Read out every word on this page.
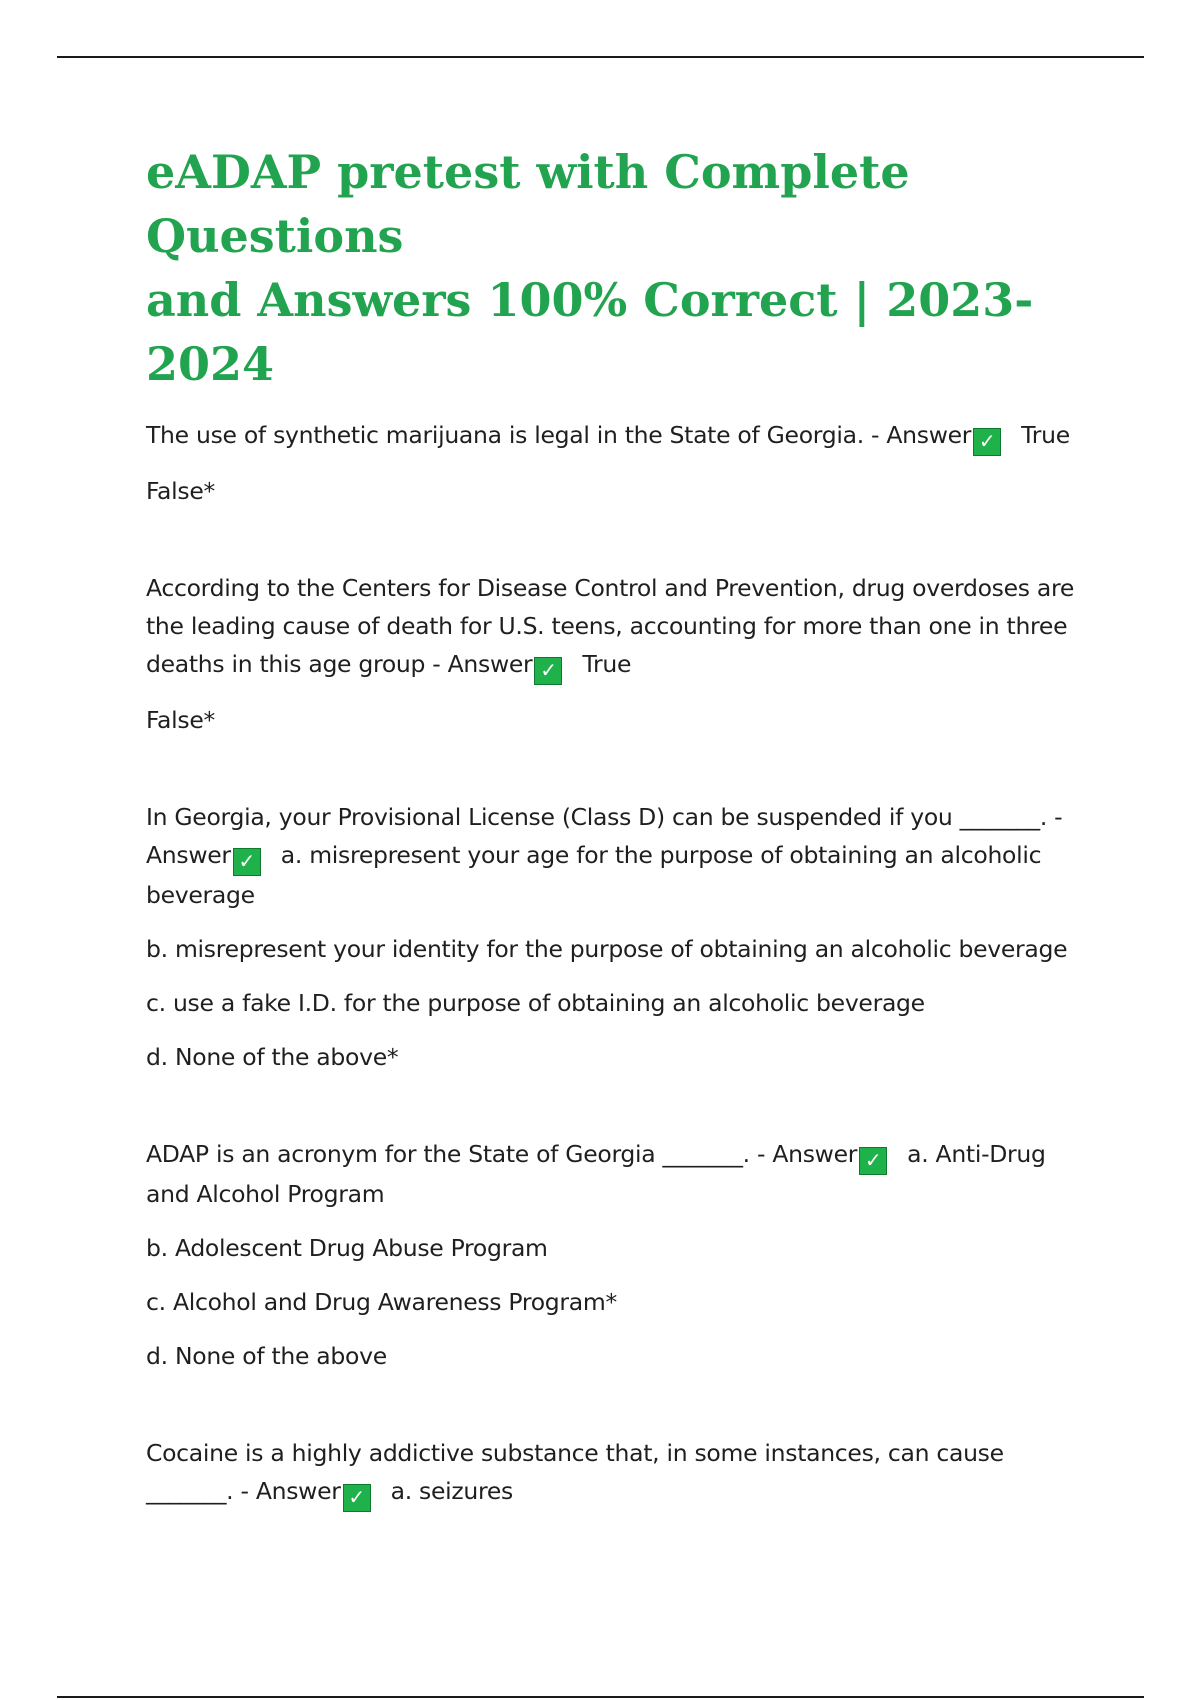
eADAP pretest with Complete Questions
and Answers 100% Correct | 2023-2024

The use of synthetic marijuana is legal in the State of Georgia. - Answer ✓ True

False*

According to the Centers for Disease Control and Prevention, drug overdoses are the leading cause of death for U.S. teens, accounting for more than one in three deaths in this age group - Answer ✓ True

False*

In Georgia, your Provisional License (Class D) can be suspended if you _______. - Answer ✓ a. misrepresent your age for the purpose of obtaining an alcoholic beverage

b. misrepresent your identity for the purpose of obtaining an alcoholic beverage

c. use a fake I.D. for the purpose of obtaining an alcoholic beverage

d. None of the above*

ADAP is an acronym for the State of Georgia _______. - Answer ✓ a. Anti-Drug and Alcohol Program

b. Adolescent Drug Abuse Program

c. Alcohol and Drug Awareness Program*

d. None of the above

Cocaine is a highly addictive substance that, in some instances, can cause _______. - Answer ✓ a. seizures
